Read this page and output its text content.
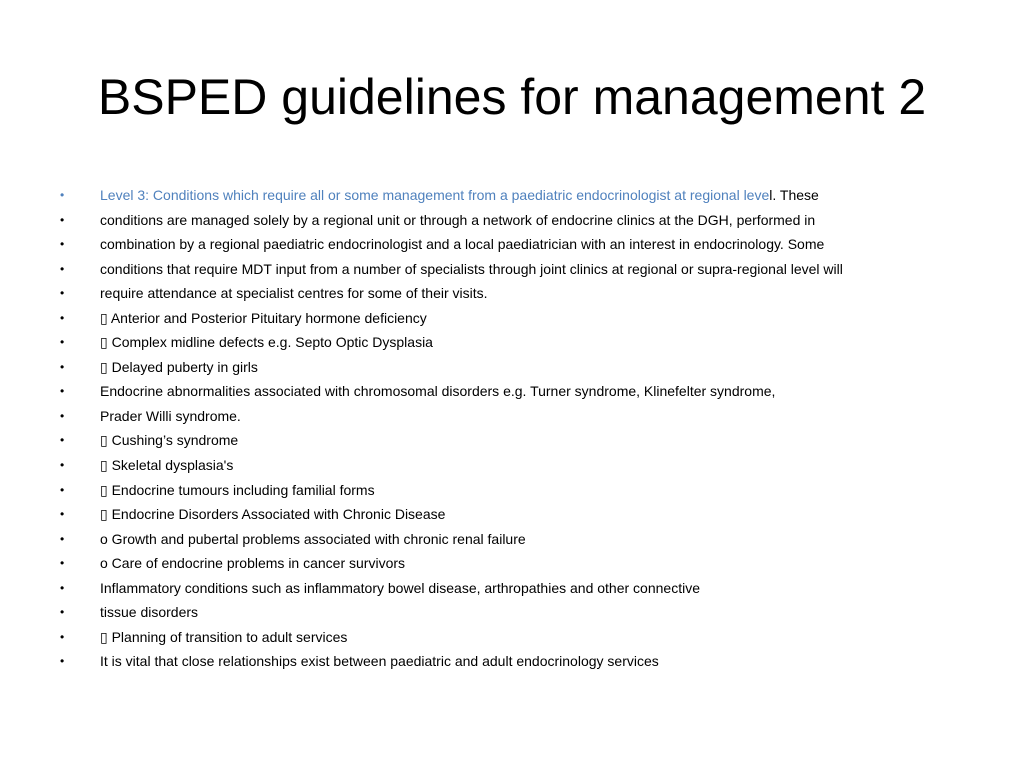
BSPED guidelines for management 2
•	Level 3: Conditions which require all or some management from a paediatric endocrinologist at regional level. These
•	conditions are managed solely by a regional unit or through a network of endocrine clinics at the DGH, performed in
•	combination by a regional paediatric endocrinologist and a local paediatrician with an interest in endocrinology. Some
•	conditions that require MDT input from a number of specialists through joint clinics at regional or supra-regional level will
•	require attendance at specialist centres for some of their visits.
•	▯ Anterior and Posterior Pituitary hormone deficiency
•	▯ Complex midline defects e.g. Septo Optic Dysplasia
•	▯ Delayed puberty in girls
•	Endocrine abnormalities associated with chromosomal disorders e.g. Turner syndrome, Klinefelter syndrome,
•	Prader Willi syndrome.
•	▯ Cushing’s syndrome
•	▯ Skeletal dysplasia's
•	▯ Endocrine tumours including familial forms
•	▯ Endocrine Disorders Associated with Chronic Disease
•	o Growth and pubertal problems associated with chronic renal failure
•	o Care of endocrine problems in cancer survivors
•	Inflammatory conditions such as inflammatory bowel disease, arthropathies and other connective
•	tissue disorders
•	▯ Planning of transition to adult services
•	It is vital that close relationships exist between paediatric and adult endocrinology services
